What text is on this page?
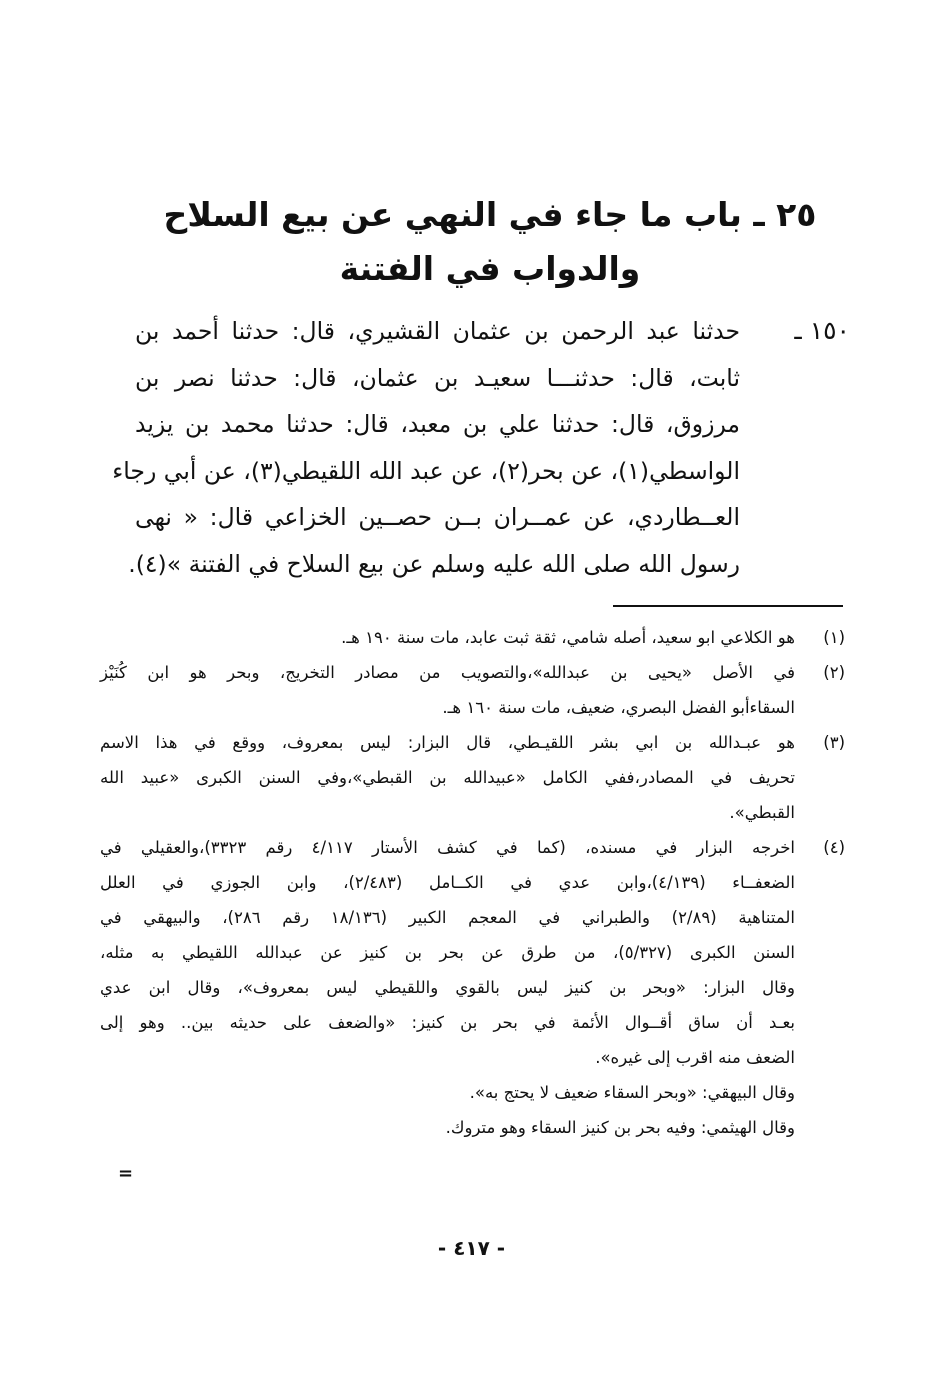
٢٥ ـ باب ما جاء في النهي عن بيع السلاح
والدواب في الفتنة
١٥٠ ـ
حدثنا عبد الرحمن بن عثمان القشيري، قال: حدثنا أحمد بن
ثابت، قال: حدثنـــا سعيـد بن عثمان، قال: حدثنا نصر بن
مرزوق، قال: حدثنا علي بن معبد، قال: حدثنا محمد بن يزيد
الواسطي(١)، عن بحر(٢)، عن عبد الله اللقيطي(٣)، عن أبي رجاء
العــطاردي، عن عمــران بــن حصــين الخزاعي قال: « نهى
رسول الله صلى الله عليه وسلم عن بيع السلاح في الفتنة »(٤).
(١)
هو الكلاعي ابو سعيد، أصله شامي، ثقة ثبت عابد، مات سنة ١٩٠ هـ.
(٢)
في الأصل «يحيى بن عبدالله»،والتصويب من مصادر التخريج، وبحر هو ابن كُنَيْز
السقاءأبو الفضل البصري، ضعيف، مات سنة ١٦٠ هـ.
(٣)
هو عبـدالله بن ابي بشر اللقيـطي، قال البزار: ليس بمعروف، ووقع في هذا الاسم
تحريف في المصادر،ففي الكامل «عبيدالله بن القبطي»،وفي السنن الكبرى «عبيد الله
القبطي».
(٤)
اخرجه البزار في مسنده، (كما في كشف الأستار ٤/١١٧ رقم ٣٣٢٣)،والعقيلي في
الضعفــاء (٤/١٣٩)،وابن عدي في الكــامل (٢/٤٨٣)، وابن الجوزي في العلل
المتناهية (٢/٨٩) والطبراني في المعجم الكبير (١٨/١٣٦ رقم ٢٨٦)، والبيهقي في
السنن الكبرى (٥/٣٢٧)، من طرق عن بحر بن كنيز عن عبدالله اللقيطي به مثله،
وقال البزار: «وبحر بن كنيز ليس بالقوي واللقيطي ليس بمعروف»، وقال ابن عدي
بعـد أن ساق أقــوال الأئمة في بحر بن كنيز: «والضعف على حديثه بين.. وهو إلى
الضعف منه اقرب إلى غيره».
وقال البيهقي: «وبحر السقاء ضعيف لا يحتج به».
وقال الهيثمي: وفيه بحر بن كنيز السقاء وهو متروك.
=
- ٤١٧ -
